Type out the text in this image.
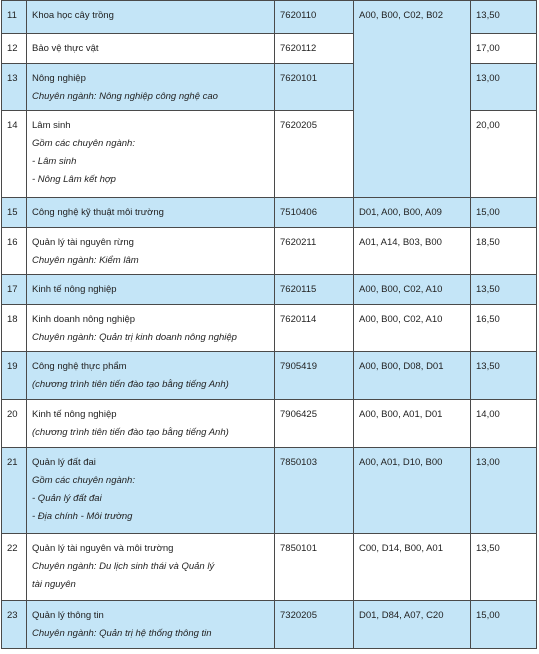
11	Khoa học cây trồng	7620110	A00, B00, C02, B02	13,50
12	Bảo vệ thực vật	7620112		17,00
13	Nông nghiệp
Chuyên ngành: Nông nghiệp công nghệ cao	7620101		13,00
14	Lâm sinh
Gồm các chuyên ngành:
- Lâm sinh
- Nông Lâm kết hợp	7620205		20,00
15	Công nghệ kỹ thuật môi trường	7510406	D01, A00, B00, A09	15,00
16	Quản lý tài nguyên rừng
Chuyên ngành: Kiểm lâm	7620211	A01, A14, B03, B00	18,50
17	Kinh tế nông nghiệp	7620115	A00, B00, C02, A10	13,50
18	Kinh doanh nông nghiệp
Chuyên ngành: Quản trị kinh doanh nông nghiệp	7620114	A00, B00, C02, A10	16,50
19	Công nghệ thực phẩm
(chương trình tiên tiến đào tạo bằng tiếng Anh)	7905419	A00, B00, D08, D01	13,50
20	Kinh tế nông nghiệp
(chương trình tiên tiến đào tạo bằng tiếng Anh)	7906425	A00, B00, A01, D01	14,00
21	Quản lý đất đai
Gồm các chuyên ngành:
- Quản lý đất đai
- Địa chính - Môi trường	7850103	A00, A01, D10, B00	13,00
22	Quản lý tài nguyên và môi trường
Chuyên ngành: Du lịch sinh thái và Quản lý
tài nguyên	7850101	C00, D14, B00, A01	13,50
23	Quản lý thông tin
Chuyên ngành: Quản trị hệ thống thông tin	7320205	D01, D84, A07, C20	15,00
